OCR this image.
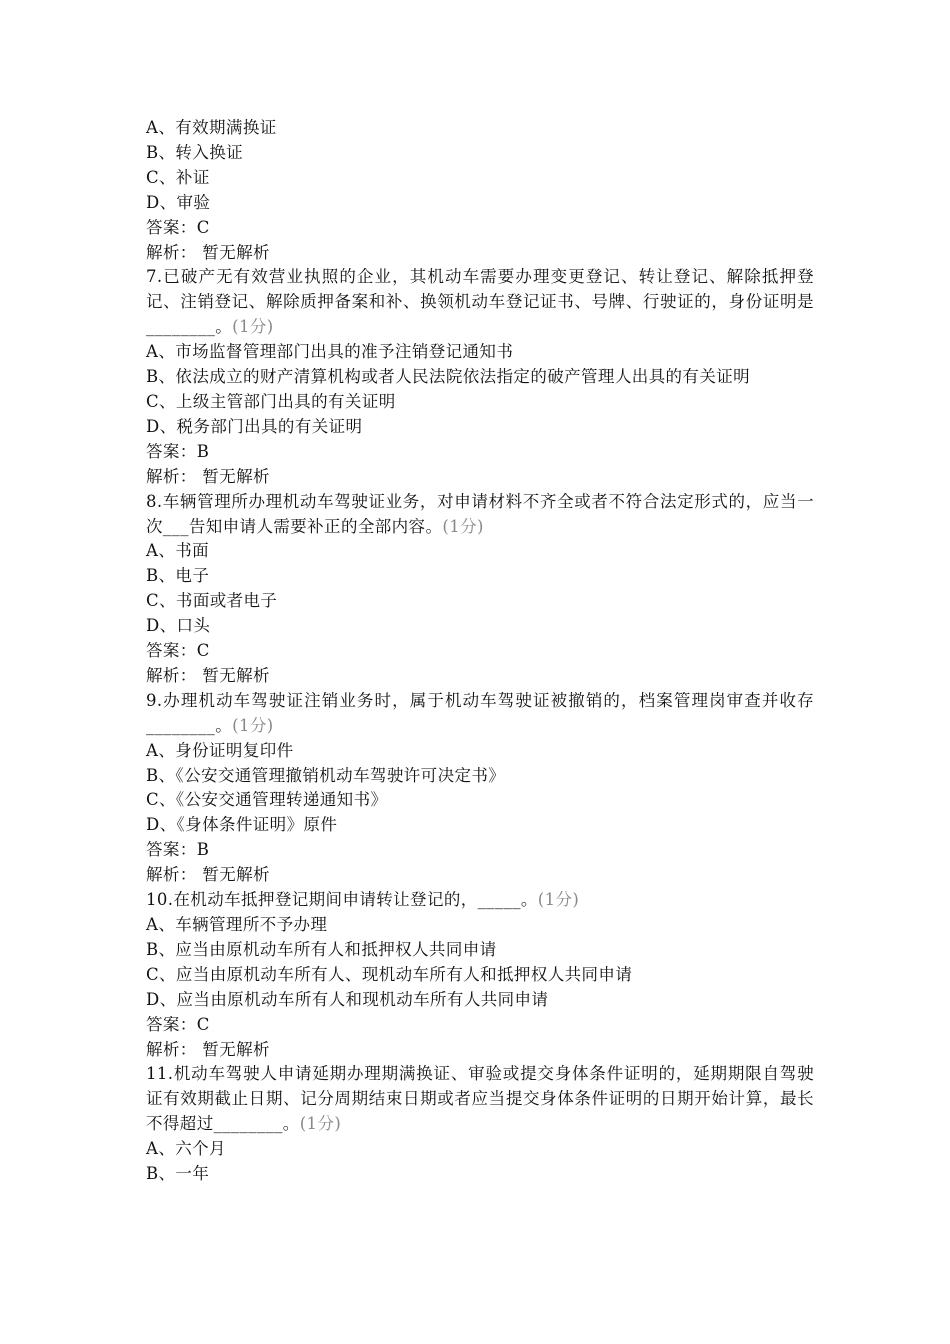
A、有效期满换证
B、转入换证
C、补证
D、审验
答案：C
解析： 暂无解析
7.已破产无有效营业执照的企业，其机动车需要办理变更登记、转让登记、解除抵押登记、注销登记、解除质押备案和补、换领机动车登记证书、号牌、行驶证的，身份证明是________。(1分)
A、市场监督管理部门出具的准予注销登记通知书
B、依法成立的财产清算机构或者人民法院依法指定的破产管理人出具的有关证明
C、上级主管部门出具的有关证明
D、税务部门出具的有关证明
答案：B
解析： 暂无解析
8.车辆管理所办理机动车驾驶证业务，对申请材料不齐全或者不符合法定形式的，应当一次___告知申请人需要补正的全部内容。(1分)
A、书面
B、电子
C、书面或者电子
D、口头
答案：C
解析： 暂无解析
9.办理机动车驾驶证注销业务时，属于机动车驾驶证被撤销的，档案管理岗审查并收存________。(1分)
A、身份证明复印件
B、《公安交通管理撤销机动车驾驶许可决定书》
C、《公安交通管理转递通知书》
D、《身体条件证明》原件
答案：B
解析： 暂无解析
10.在机动车抵押登记期间申请转让登记的，_____。(1分)
A、车辆管理所不予办理
B、应当由原机动车所有人和抵押权人共同申请
C、应当由原机动车所有人、现机动车所有人和抵押权人共同申请
D、应当由原机动车所有人和现机动车所有人共同申请
答案：C
解析： 暂无解析
11.机动车驾驶人申请延期办理期满换证、审验或提交身体条件证明的，延期期限自驾驶证有效期截止日期、记分周期结束日期或者应当提交身体条件证明的日期开始计算，最长不得超过________。(1分)
A、六个月
B、一年
